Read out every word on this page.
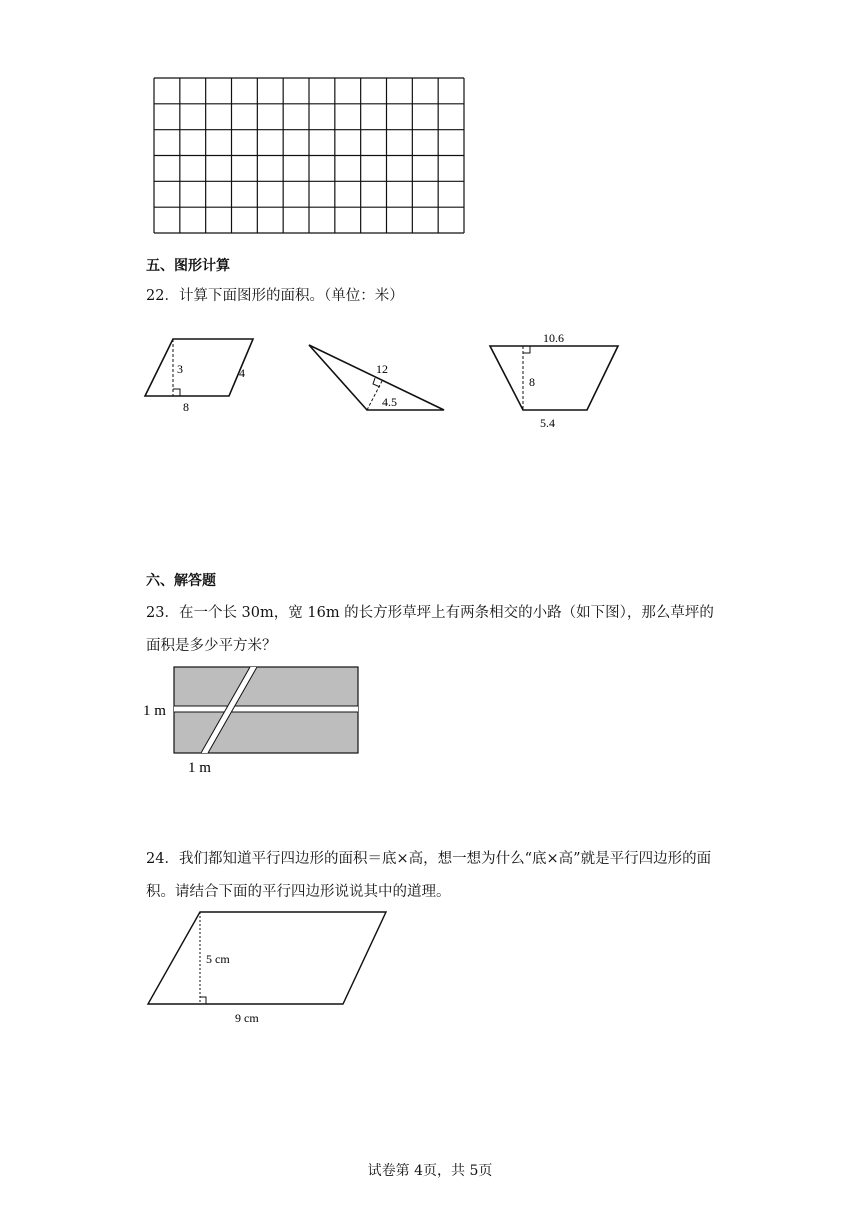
五、图形计算
22．计算下面图形的面积。（单位：米）
3	4
8
12
4.5
10.6
8
5.4
六、解答题
23．在一个长 30m，宽 16m 的长方形草坪上有两条相交的小路（如下图），那么草坪的
面积是多少平方米？
1 m
1 m
24．我们都知道平行四边形的面积＝底×高，想一想为什么“底×高”就是平行四边形的面
积。请结合下面的平行四边形说说其中的道理。
5 cm
9 cm
试卷第 4页，共 5页
